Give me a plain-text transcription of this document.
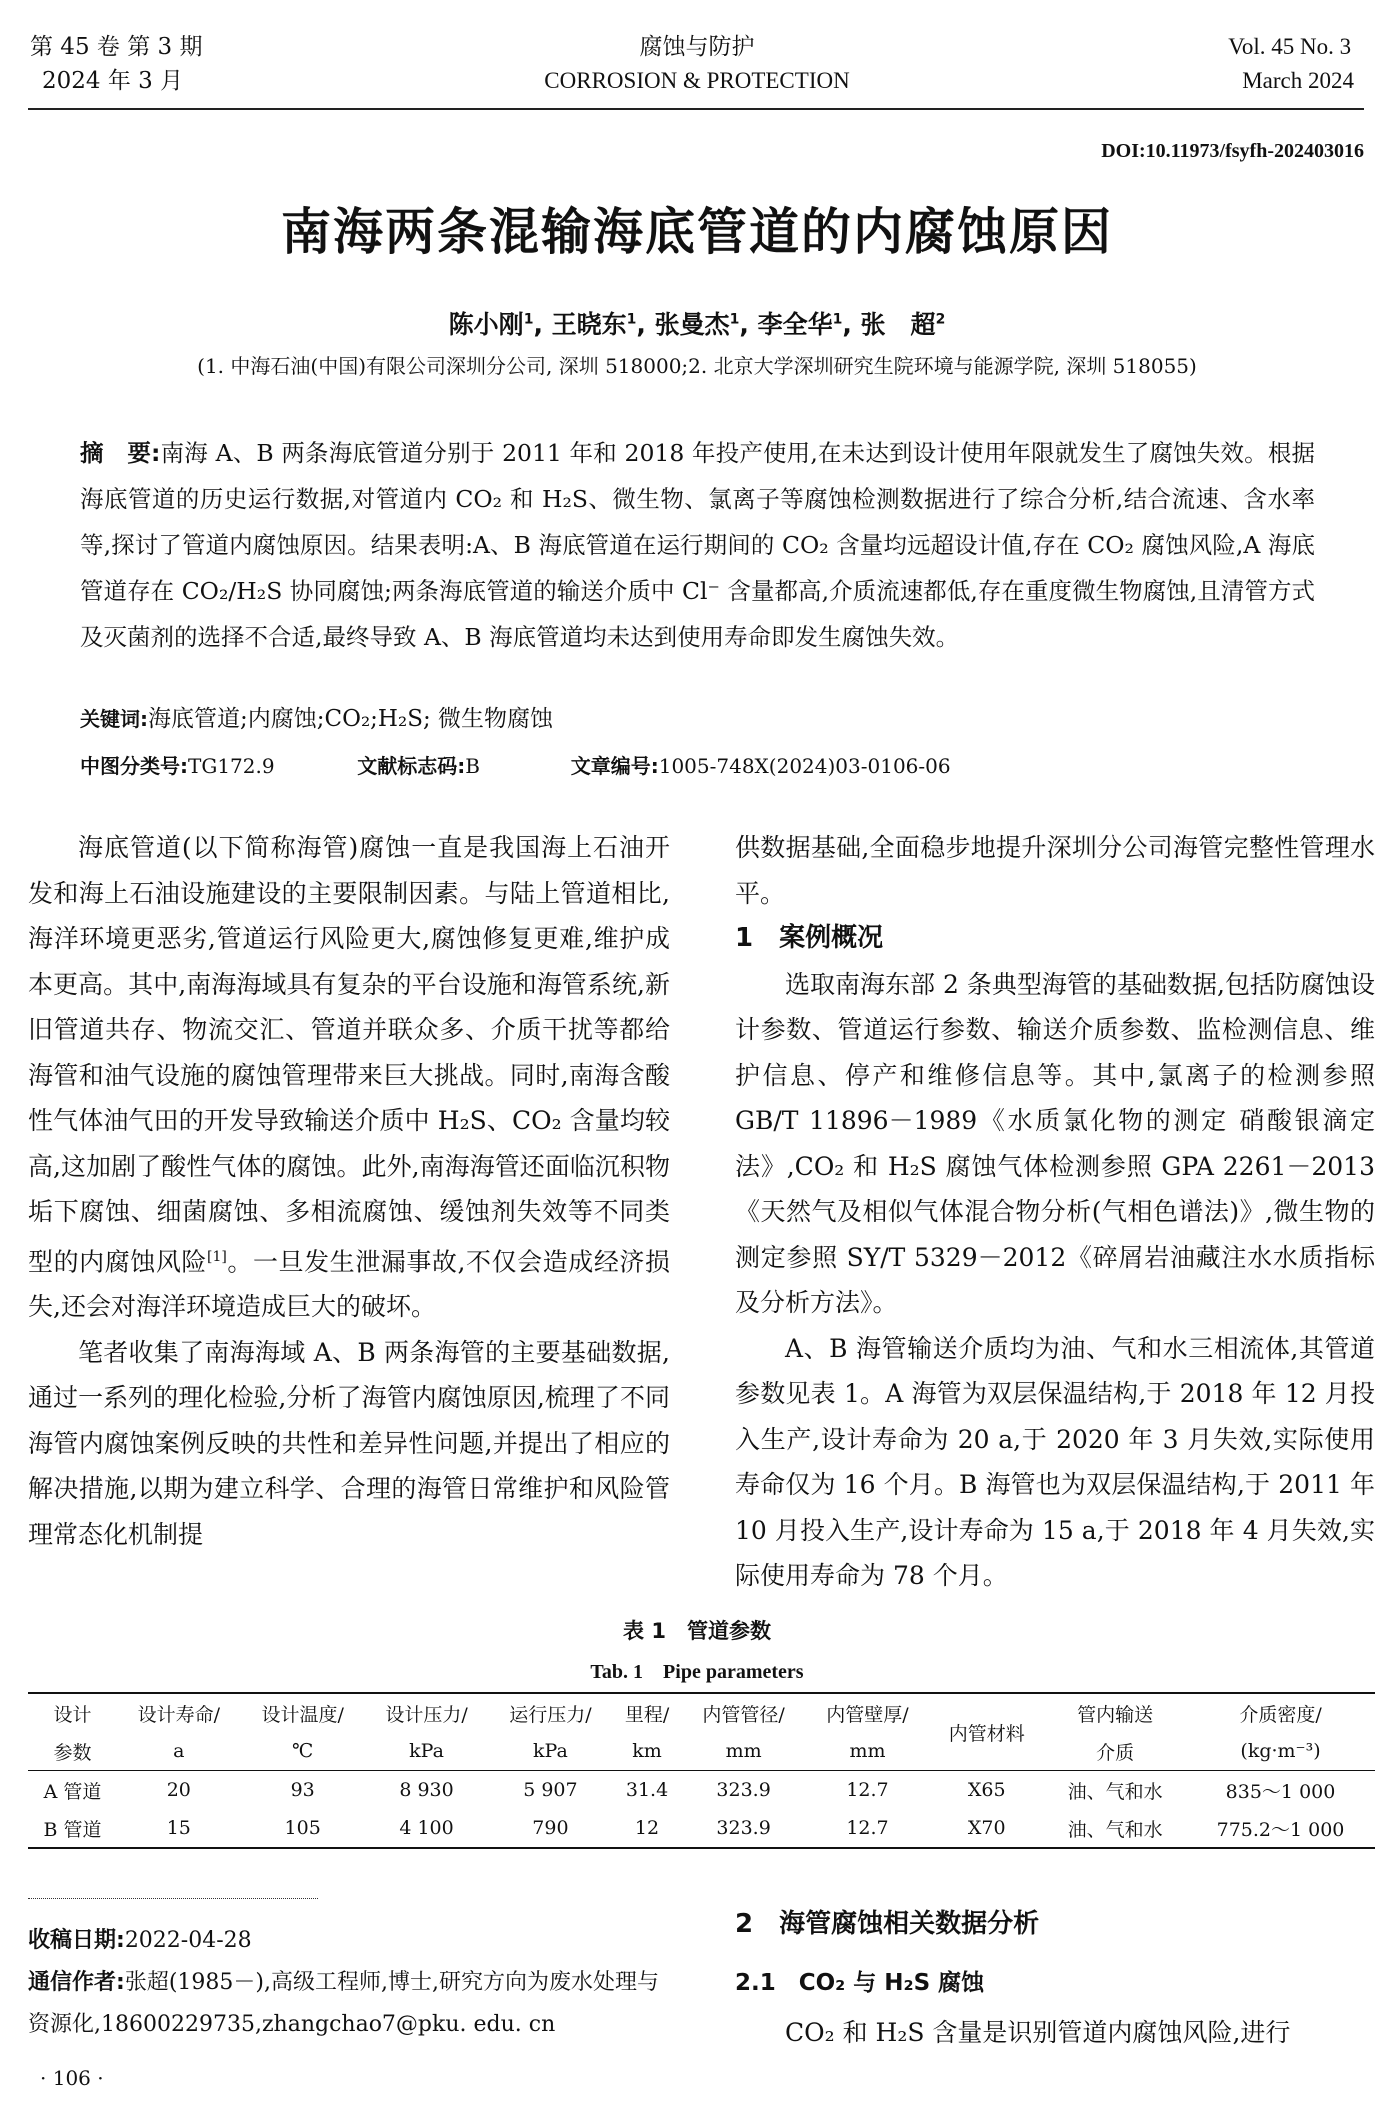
第 45 卷 第 3 期
2024 年 3 月
腐蚀与防护
CORROSION & PROTECTION
Vol. 45 No. 3
March 2024
DOI:10.11973/fsyfh-202403016
南海两条混输海底管道的内腐蚀原因
陈小刚$^1$, 王晓东$^1$, 张曼杰$^1$, 李全华$^1$, 张　超$^2$
(1. 中海石油(中国)有限公司深圳分公司, 深圳 518000;2. 北京大学深圳研究生院环境与能源学院, 深圳 518055)
摘　要:南海 A、B 两条海底管道分别于 2011 年和 2018 年投产使用,在未达到设计使用年限就发生了腐蚀失效。根据海底管道的历史运行数据,对管道内 CO₂ 和 H₂S、微生物、氯离子等腐蚀检测数据进行了综合分析,结合流速、含水率等,探讨了管道内腐蚀原因。结果表明:A、B 海底管道在运行期间的 CO₂ 含量均远超设计值,存在 CO₂ 腐蚀风险,A 海底管道存在 CO₂/H₂S 协同腐蚀;两条海底管道的输送介质中 Cl⁻ 含量都高,介质流速都低,存在重度微生物腐蚀,且清管方式及灭菌剂的选择不合适,最终导致 A、B 海底管道均未达到使用寿命即发生腐蚀失效。
关键词:海底管道;内腐蚀;CO₂;H₂S; 微生物腐蚀
中图分类号:TG172.9	文献标志码:B	文章编号:1005-748X(2024)03-0106-06

海底管道(以下简称海管)腐蚀一直是我国海上石油开发和海上石油设施建设的主要限制因素。与陆上管道相比,海洋环境更恶劣,管道运行风险更大,腐蚀修复更难,维护成本更高。其中,南海海域具有复杂的平台设施和海管系统,新旧管道共存、物流交汇、管道并联众多、介质干扰等都给海管和油气设施的腐蚀管理带来巨大挑战。同时,南海含酸性气体油气田的开发导致输送介质中 H₂S、CO₂ 含量均较高,这加剧了酸性气体的腐蚀。此外,南海海管还面临沉积物垢下腐蚀、细菌腐蚀、多相流腐蚀、缓蚀剂失效等不同类型的内腐蚀风险[1]。一旦发生泄漏事故,不仅会造成经济损失,还会对海洋环境造成巨大的破坏。

笔者收集了南海海域 A、B 两条海管的主要基础数据,通过一系列的理化检验,分析了海管内腐蚀原因,梳理了不同海管内腐蚀案例反映的共性和差异性问题,并提出了相应的解决措施,以期为建立科学、合理的海管日常维护和风险管理常态化机制提

供数据基础,全面稳步地提升深圳分公司海管完整性管理水平。

1　案例概况

选取南海东部 2 条典型海管的基础数据,包括防腐蚀设计参数、管道运行参数、输送介质参数、监检测信息、维护信息、停产和维修信息等。其中,氯离子的检测参照 GB/T 11896－1989《水质氯化物的测定 硝酸银滴定法》,CO₂ 和 H₂S 腐蚀气体检测参照 GPA 2261－2013《天然气及相似气体混合物分析(气相色谱法)》,微生物的测定参照 SY/T 5329－2012《碎屑岩油藏注水水质指标及分析方法》。

A、B 海管输送介质均为油、气和水三相流体,其管道参数见表 1。A 海管为双层保温结构,于 2018 年 12 月投入生产,设计寿命为 20 a,于 2020 年 3 月失效,实际使用寿命仅为 16 个月。B 海管也为双层保温结构,于 2011 年 10 月投入生产,设计寿命为 15 a,于 2018 年 4 月失效,实际使用寿命为 78 个月。

表 1　管道参数
Tab. 1　Pipe parameters
设计	设计寿命/	设计温度/	设计压力/	运行压力/	里程/	内管管径/	内管壁厚/	内管材料	管内输送	介质密度/
参数	a	℃	kPa	kPa	km	mm	mm		介质	(kg·m⁻³)
A 管道	20	93	8 930	5 907	31.4	323.9	12.7	X65	油、气和水	835～1 000
B 管道	15	105	4 100	790	12	323.9	12.7	X70	油、气和水	775.2～1 000
收稿日期:2022-04-28
通信作者:张超(1985－),高级工程师,博士,研究方向为废水处理与资源化,18600229735,zhangchao7@pku. edu. cn
2　海管腐蚀相关数据分析
2.1　CO₂ 与 H₂S 腐蚀

CO₂ 和 H₂S 含量是识别管道内腐蚀风险,进行

· 106 ·
